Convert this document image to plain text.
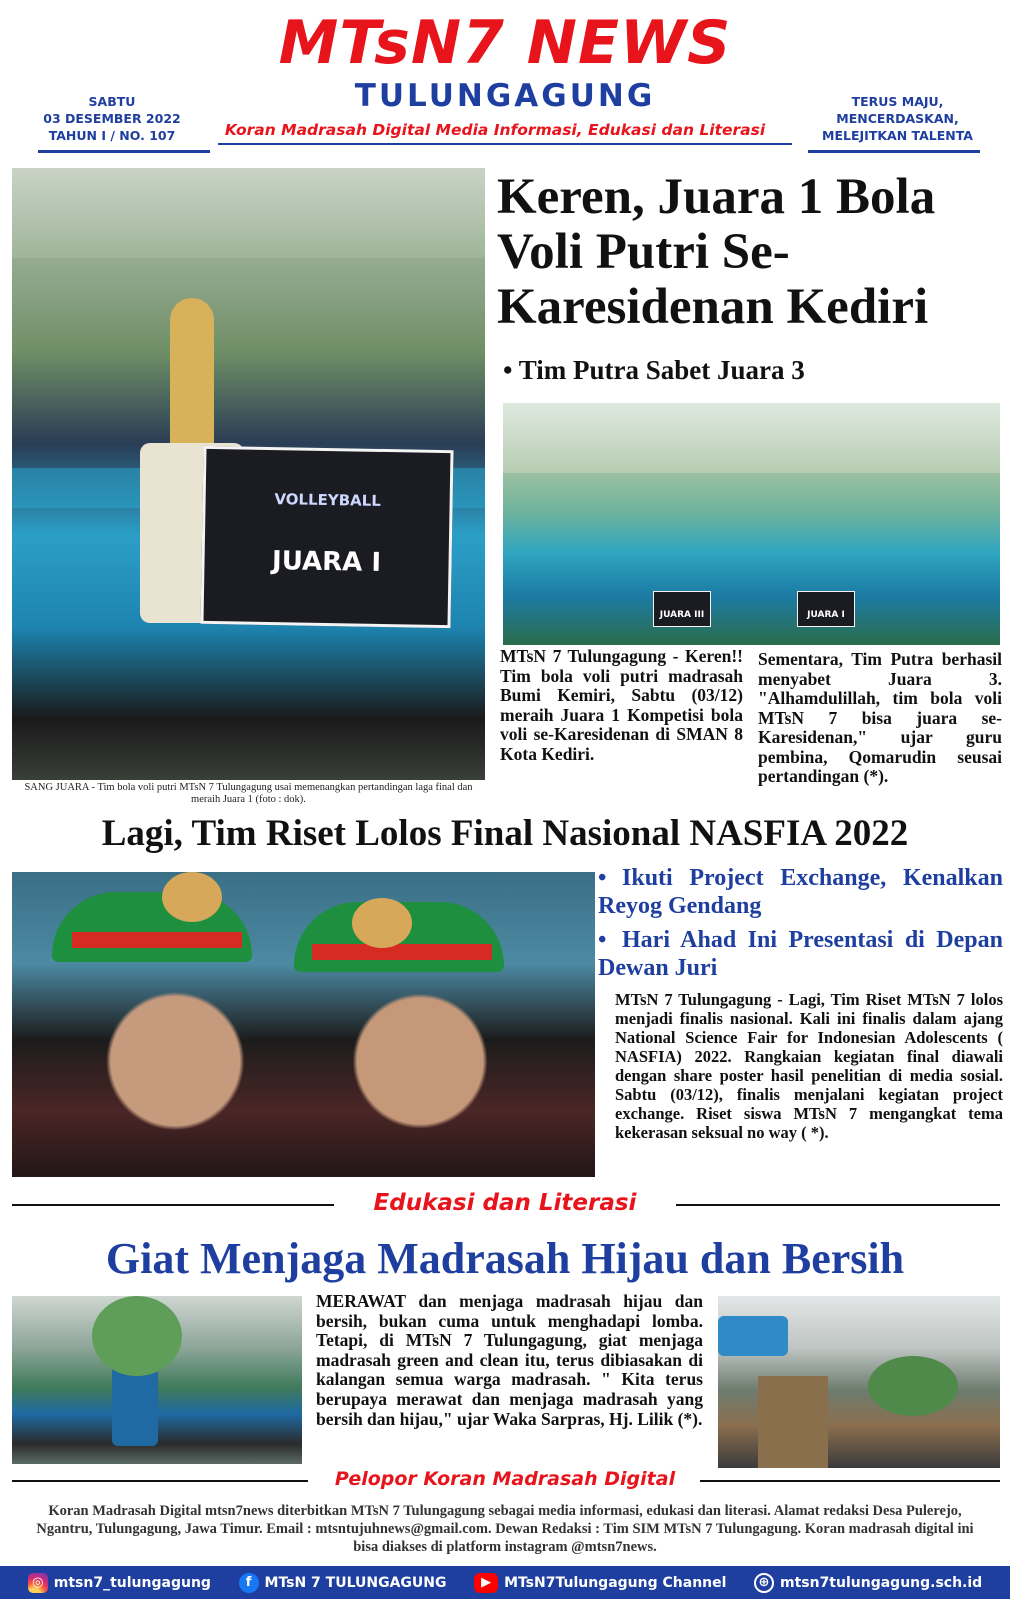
SABTU
03 DESEMBER 2022
TAHUN I / NO. 107
MTsN7 NEWS
TULUNGAGUNG
Koran Madrasah Digital Media Informasi, Edukasi dan Literasi
TERUS MAJU,
MENCERDASKAN,
MELEJITKAN TALENTA
VOLLEYBALL
JUARA I
SANG JUARA - Tim bola voli putri MTsN 7 Tulungagung usai memenangkan pertandingan laga final dan meraih Juara 1 (foto : dok).
Keren, Juara 1 Bola Voli Putri Se-Karesidenan Kediri
• Tim Putra Sabet Juara 3
JUARA III	JUARA I
MTsN 7 Tulungagung - Keren!! Tim bola voli putri madrasah Bumi Kemiri, Sabtu (03/12) meraih Juara 1 Kompetisi bola voli se-Karesidenan di SMAN 8 Kota Kediri.
Sementara, Tim Putra berhasil menyabet Juara 3. "Alhamdulillah, tim bola voli MTsN 7 bisa juara se-Karesidenan," ujar guru pembina, Qomarudin seusai pertandingan (*).
Lagi, Tim Riset Lolos Final Nasional NASFIA 2022
• Ikuti Project Exchange, Kenalkan Reyog Gendang
• Hari Ahad Ini Presentasi di Depan Dewan Juri
MTsN 7 Tulungagung - Lagi, Tim Riset MTsN 7 lolos menjadi finalis nasional. Kali ini finalis dalam ajang National Science Fair for Indonesian Adolescents ( NASFIA) 2022. Rangkaian kegiatan final diawali dengan share poster hasil penelitian di media sosial. Sabtu (03/12), finalis menjalani kegiatan project exchange. Riset siswa MTsN 7 mengangkat tema kekerasan seksual no way ( *).
Edukasi dan Literasi
Giat Menjaga Madrasah Hijau dan Bersih
MERAWAT dan menjaga madrasah hijau dan bersih, bukan cuma untuk menghadapi lomba. Tetapi, di MTsN 7 Tulungagung, giat menjaga madrasah green and clean itu, terus dibiasakan di kalangan semua warga madrasah. " Kita terus berupaya merawat dan menjaga madrasah yang bersih dan hijau," ujar Waka Sarpras, Hj. Lilik (*).
Pelopor Koran Madrasah Digital
Koran Madrasah Digital mtsn7news diterbitkan MTsN 7 Tulungagung sebagai media informasi, edukasi dan literasi. Alamat redaksi Desa Pulerejo, Ngantru, Tulungagung, Jawa Timur. Email : mtsntujuhnews@gmail.com. Dewan Redaksi : Tim SIM MTsN 7 Tulungagung. Koran madrasah digital ini bisa diakses di platform instagram @mtsn7news.
◎ mtsn7_tulungagung	f MTsN 7 TULUNGAGUNG	▶ MTsN7Tulungagung Channel	⊕ mtsn7tulungagung.sch.id
